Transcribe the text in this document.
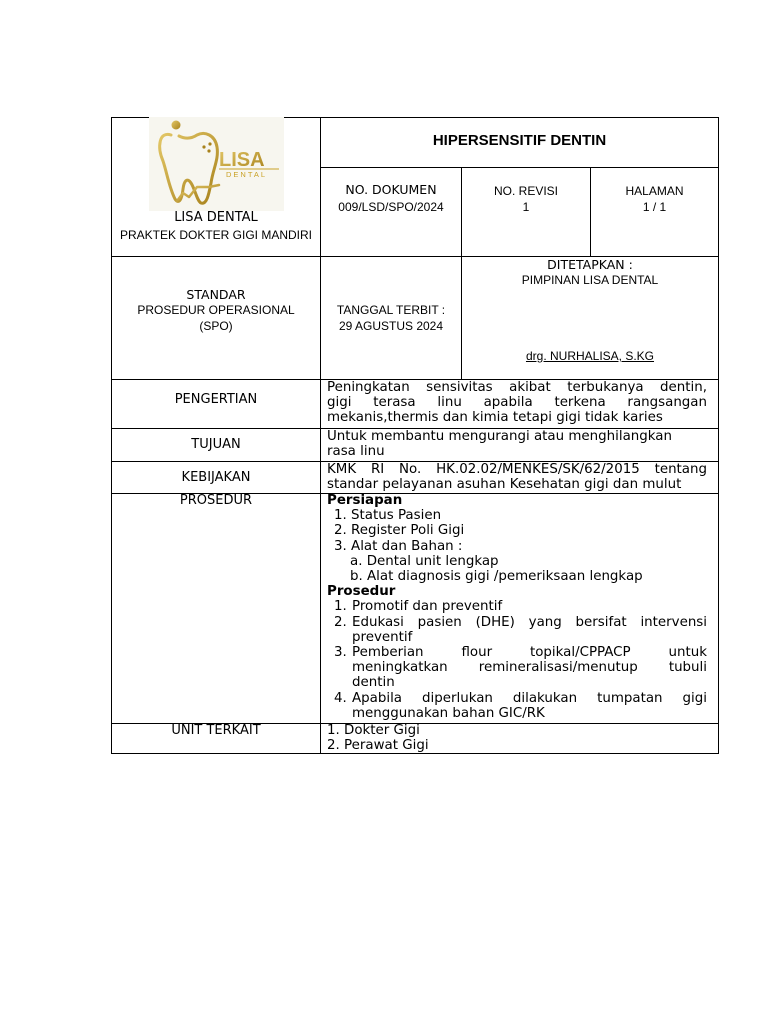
LISA
DENTAL
LISA DENTAL
PRAKTEK DOKTER GIGI MANDIRI
HIPERSENSITIF DENTIN
NO. DOKUMEN
009/LSD/SPO/2024
NO. REVISI
1
HALAMAN
1 / 1
STANDAR
PROSEDUR OPERASIONAL
(SPO)
TANGGAL TERBIT :
29 AGUSTUS 2024
DITETAPKAN :
PIMPINAN LISA DENTAL
drg. NURHALISA, S.KG
PENGERTIAN
Peningkatan sensivitas akibat terbukanya dentin,
gigi terasa linu apabila terkena rangsangan
mekanis,thermis dan kimia tetapi gigi tidak karies
TUJUAN
Untuk membantu mengurangi atau menghilangkan
rasa linu
KEBIJAKAN
KMK RI No. HK.02.02/MENKES/SK/62/2015 tentang
standar pelayanan asuhan Kesehatan gigi dan mulut
PROSEDUR	Persiapan
1. Status Pasien
2. Register Poli Gigi
3. Alat dan Bahan :
a. Dental unit lengkap
b. Alat diagnosis gigi /pemeriksaan lengkap
Prosedur
1. Promotif dan preventif
2. Edukasi pasien (DHE) yang bersifat intervensi
preventif
3. Pemberian flour topikal/CPPACP untuk
meningkatkan remineralisasi/menutup tubuli
dentin
4. Apabila diperlukan dilakukan tumpatan gigi
menggunakan bahan GIC/RK
UNIT TERKAIT	1. Dokter Gigi
2. Perawat Gigi
